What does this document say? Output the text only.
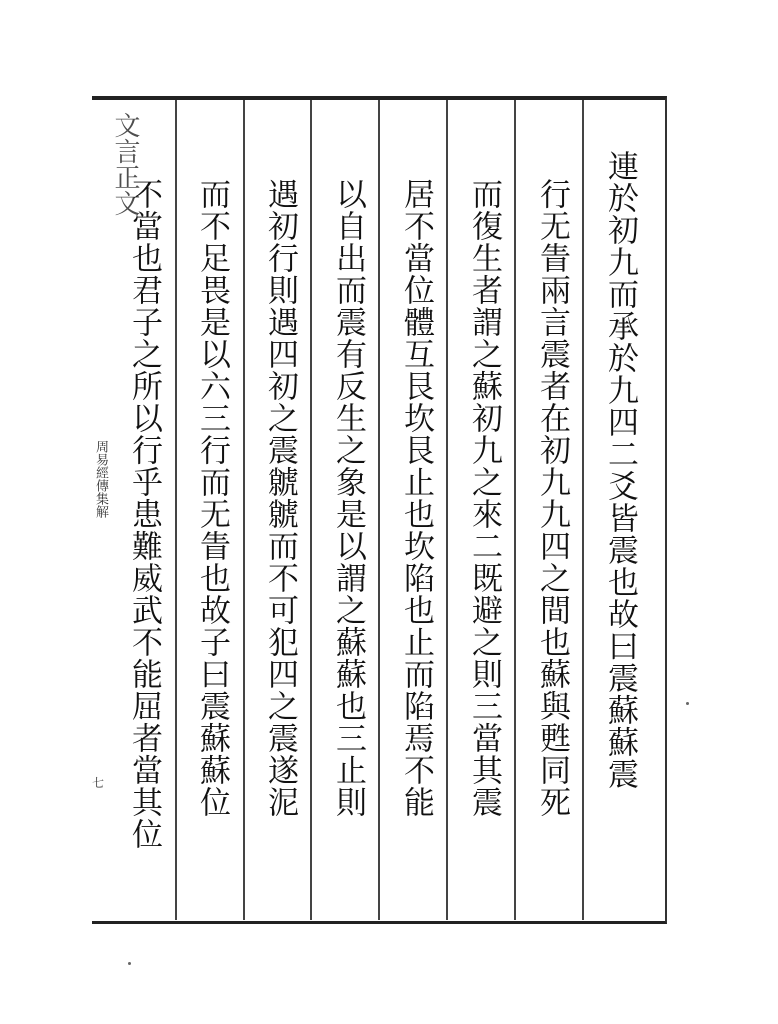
文言正文
周易經傳集解
七	連於初九而承於九四二爻皆震也故曰震蘇蘇震
行无眚兩言震者在初九九四之間也蘇與甦同死
而復生者謂之蘇初九之來二既避之則三當其震
居不當位體互艮坎艮止也坎陷也止而陷焉不能
以自出而震有反生之象是以謂之蘇蘇也三止則
遇初行則遇四初之震虩虩而不可犯四之震遂泥
而不足畏是以六三行而无眚也故子曰震蘇蘇位
不當也君子之所以行乎患難威武不能屈者當其位
